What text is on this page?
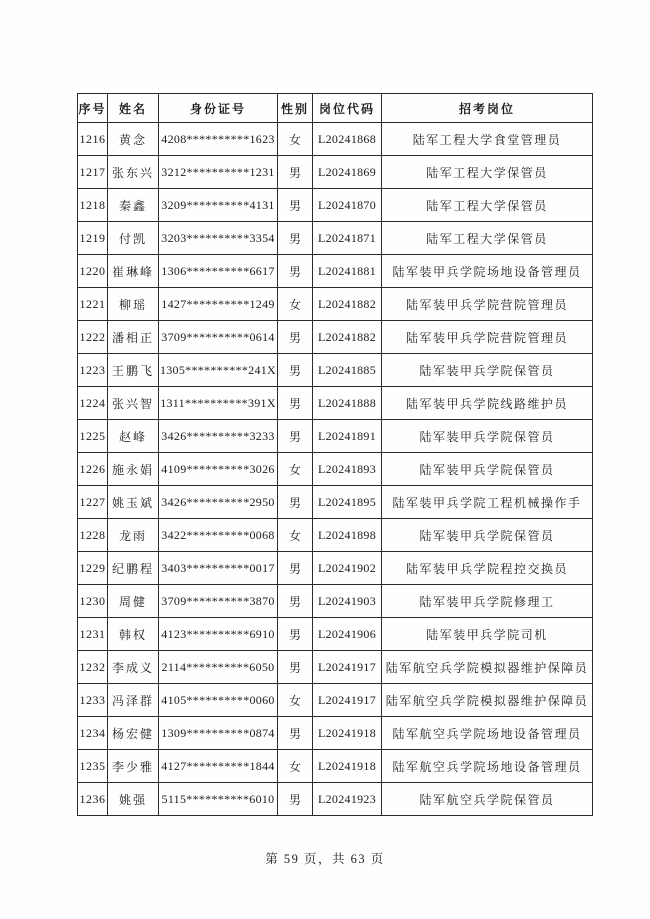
序号	姓名	身份证号	性别	岗位代码	招考岗位
1216	黄念	4208**********1623	女	L20241868	陆军工程大学食堂管理员
1217	张东兴	3212**********1231	男	L20241869	陆军工程大学保管员
1218	秦鑫	3209**********4131	男	L20241870	陆军工程大学保管员
1219	付凯	3203**********3354	男	L20241871	陆军工程大学保管员
1220	崔琳峰	1306**********6617	男	L20241881	陆军装甲兵学院场地设备管理员
1221	柳瑶	1427**********1249	女	L20241882	陆军装甲兵学院营院管理员
1222	潘相正	3709**********0614	男	L20241882	陆军装甲兵学院营院管理员
1223	王鹏飞	1305**********241X	男	L20241885	陆军装甲兵学院保管员
1224	张兴智	1311**********391X	男	L20241888	陆军装甲兵学院线路维护员
1225	赵峰	3426**********3233	男	L20241891	陆军装甲兵学院保管员
1226	施永娟	4109**********3026	女	L20241893	陆军装甲兵学院保管员
1227	姚玉斌	3426**********2950	男	L20241895	陆军装甲兵学院工程机械操作手
1228	龙雨	3422**********0068	女	L20241898	陆军装甲兵学院保管员
1229	纪鹏程	3403**********0017	男	L20241902	陆军装甲兵学院程控交换员
1230	周健	3709**********3870	男	L20241903	陆军装甲兵学院修理工
1231	韩权	4123**********6910	男	L20241906	陆军装甲兵学院司机
1232	李成义	2114**********6050	男	L20241917	陆军航空兵学院模拟器维护保障员
1233	冯泽群	4105**********0060	女	L20241917	陆军航空兵学院模拟器维护保障员
1234	杨宏健	1309**********0874	男	L20241918	陆军航空兵学院场地设备管理员
1235	李少雅	4127**********1844	女	L20241918	陆军航空兵学院场地设备管理员
1236	姚强	5115**********6010	男	L20241923	陆军航空兵学院保管员
第 59 页，共 63 页
